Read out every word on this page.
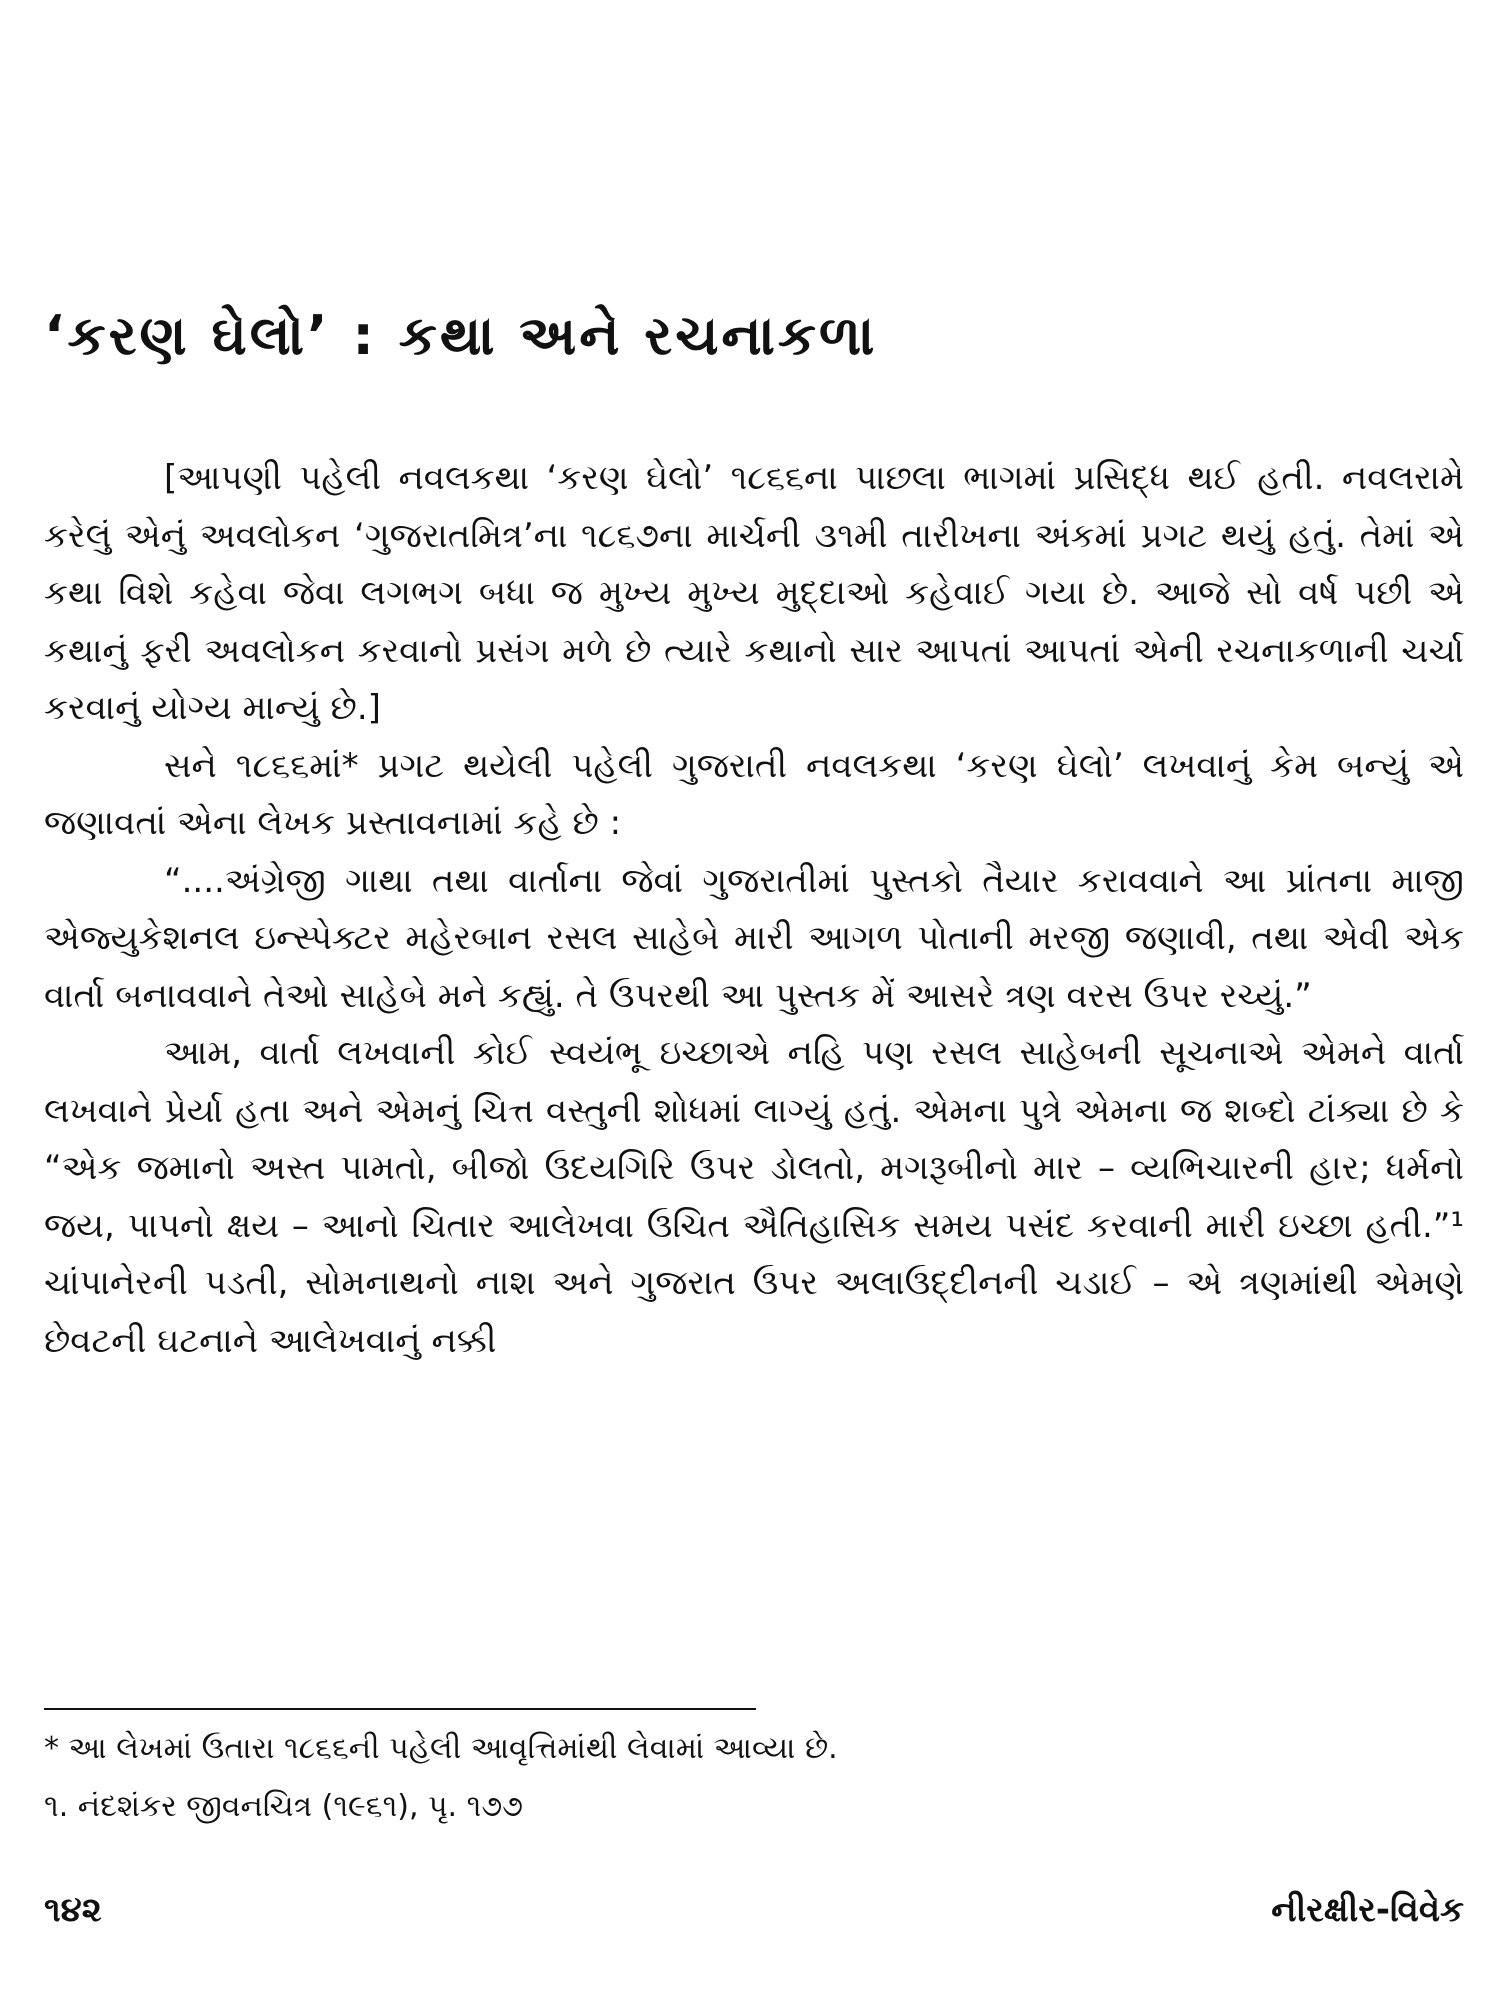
‘કરણ ઘેલો’ : કથા અને રચનાકળા

[આપણી પહેલી નવલકથા ‘કરણ ઘેલો’ ૧૮૬૬ના પાછલા ભાગમાં પ્રસિદ્ધ થઈ હતી. નવલરામે કરેલું એનું અવલોકન ‘ગુજરાતમિત્ર’ના ૧૮૬૭ના માર્ચની ૩૧મી તારીખના અંકમાં પ્રગટ થયું હતું. તેમાં એ કથા વિશે કહેવા જેવા લગભગ બધા જ મુખ્ય મુખ્ય મુદ્દાઓ કહેવાઈ ગયા છે. આજે સો વર્ષ પછી એ કથાનું ફરી અવલોકન કરવાનો પ્રસંગ મળે છે ત્યારે કથાનો સાર આપતાં આપતાં એની રચનાકળાની ચર્ચા કરવાનું યોગ્ય માન્યું છે.]

સને ૧૮૬૬માં* પ્રગટ થયેલી પહેલી ગુજરાતી નવલકથા ‘કરણ ઘેલો’ લખવાનું કેમ બન્યું એ જણાવતાં એના લેખક પ્રસ્તાવનામાં કહે છે :

“....અંગ્રેજી ગાથા તથા વાર્તાના જેવાં ગુજરાતીમાં પુસ્તકો તૈયાર કરાવવાને આ પ્રાંતના માજી એજ્યુકેશનલ ઇન્સ્પેક્ટર મહેરબાન રસલ સાહેબે મારી આગળ પોતાની મરજી જણાવી, તથા એવી એક વાર્તા બનાવવાને તેઓ સાહેબે મને કહ્યું. તે ઉપરથી આ પુસ્તક મેં આસરે ત્રણ વરસ ઉપર રચ્યું.”

આમ, વાર્તા લખવાની કોઈ સ્વયંભૂ ઇચ્છાએ નહિ પણ રસલ સાહેબની સૂચનાએ એમને વાર્તા લખવાને પ્રેર્યા હતા અને એમનું ચિત્ત વસ્તુની શોધમાં લાગ્યું હતું. એમના પુત્રે એમના જ શબ્દો ટાંક્યા છે કે “એક જમાનો અસ્ત પામતો, બીજો ઉદયગિરિ ઉપર ડોલતો, મગરૂબીનો માર – વ્યભિચારની હાર; ધર્મનો જય, પાપનો ક્ષય – આનો ચિતાર આલેખવા ઉચિત ઐતિહાસિક સમય પસંદ કરવાની મારી ઇચ્છા હતી.”¹ ચાંપાનેરની પડતી, સોમનાથનો નાશ અને ગુજરાત ઉપર અલાઉદ્દીનની ચડાઈ – એ ત્રણમાંથી એમણે છેવટની ઘટનાને આલેખવાનું નક્કી

* આ લેખમાં ઉતારા ૧૮૬૬ની પહેલી આવૃત્તિમાંથી લેવામાં આવ્યા છે.

૧. નંદશંકર જીવનચિત્ર (૧૯૬૧), પૃ. ૧૭૭

૧૪૨	નીરક્ષીર-વિવેક
